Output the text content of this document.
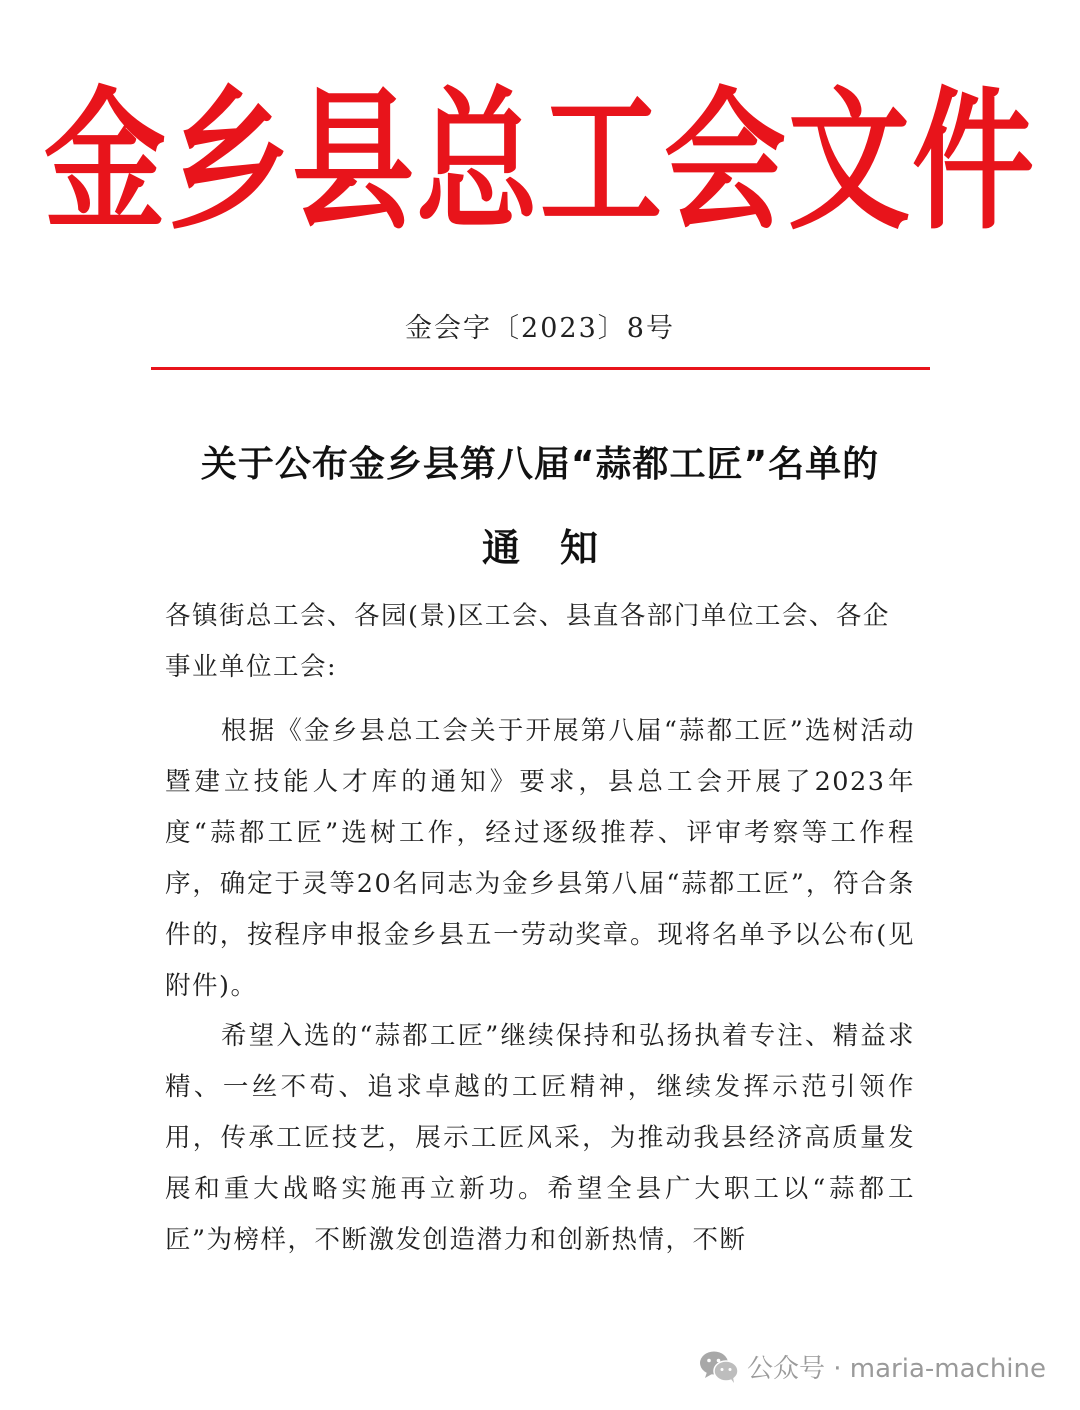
金乡县总工会文件
金会字〔2023〕8号
关于公布金乡县第八届“蒜都工匠”名单的
通知
各镇街总工会、各园(景)区工会、县直各部门单位工会、各企事业单位工会:
根据《金乡县总工会关于开展第八届“蒜都工匠”选树活动暨建立技能人才库的通知》要求，县总工会开展了2023年度“蒜都工匠”选树工作，经过逐级推荐、评审考察等工作程序，确定于灵等20名同志为金乡县第八届“蒜都工匠”，符合条件的，按程序申报金乡县五一劳动奖章。现将名单予以公布(见附件)。
希望入选的“蒜都工匠”继续保持和弘扬执着专注、精益求精、一丝不苟、追求卓越的工匠精神，继续发挥示范引领作用，传承工匠技艺，展示工匠风采，为推动我县经济高质量发展和重大战略实施再立新功。希望全县广大职工以“蒜都工匠”为榜样，不断激发创造潜力和创新热情，不断
公众号 · maria-machine
